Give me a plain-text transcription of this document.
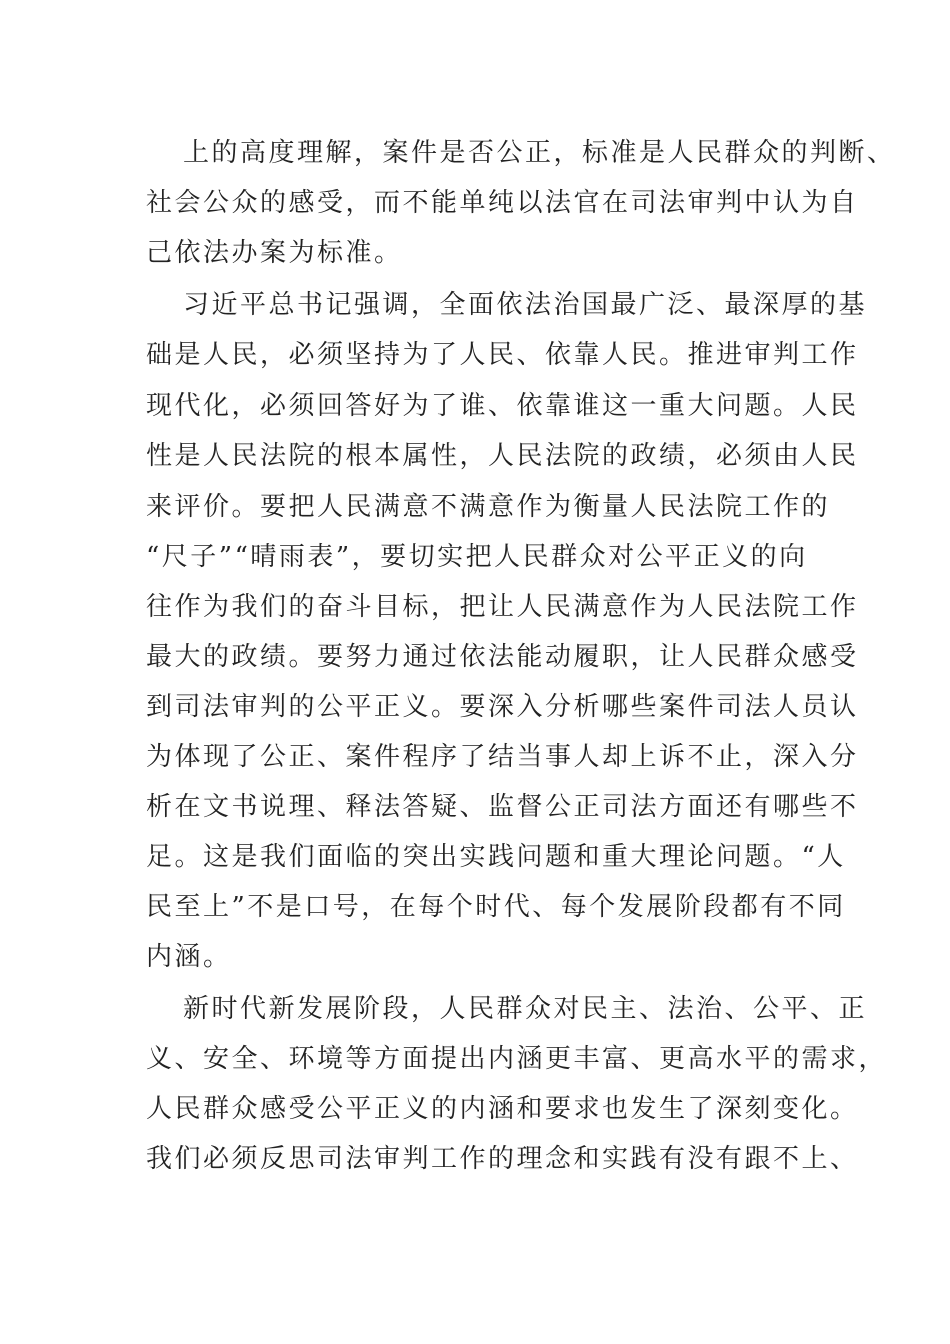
上的高度理解，案件是否公正，标准是人民群众的判断、
社会公众的感受，而不能单纯以法官在司法审判中认为自
己依法办案为标准。
习近平总书记强调，全面依法治国最广泛、最深厚的基
础是人民，必须坚持为了人民、依靠人民。推进审判工作
现代化，必须回答好为了谁、依靠谁这一重大问题。人民
性是人民法院的根本属性，人民法院的政绩，必须由人民
来评价。要把人民满意不满意作为衡量人民法院工作的
“尺子”“晴雨表”，要切实把人民群众对公平正义的向
往作为我们的奋斗目标，把让人民满意作为人民法院工作
最大的政绩。要努力通过依法能动履职，让人民群众感受
到司法审判的公平正义。要深入分析哪些案件司法人员认
为体现了公正、案件程序了结当事人却上诉不止，深入分
析在文书说理、释法答疑、监督公正司法方面还有哪些不
足。这是我们面临的突出实践问题和重大理论问题。“人
民至上”不是口号，在每个时代、每个发展阶段都有不同
内涵。
新时代新发展阶段，人民群众对民主、法治、公平、正
义、安全、环境等方面提出内涵更丰富、更高水平的需求，
人民群众感受公平正义的内涵和要求也发生了深刻变化。
我们必须反思司法审判工作的理念和实践有没有跟不上、
